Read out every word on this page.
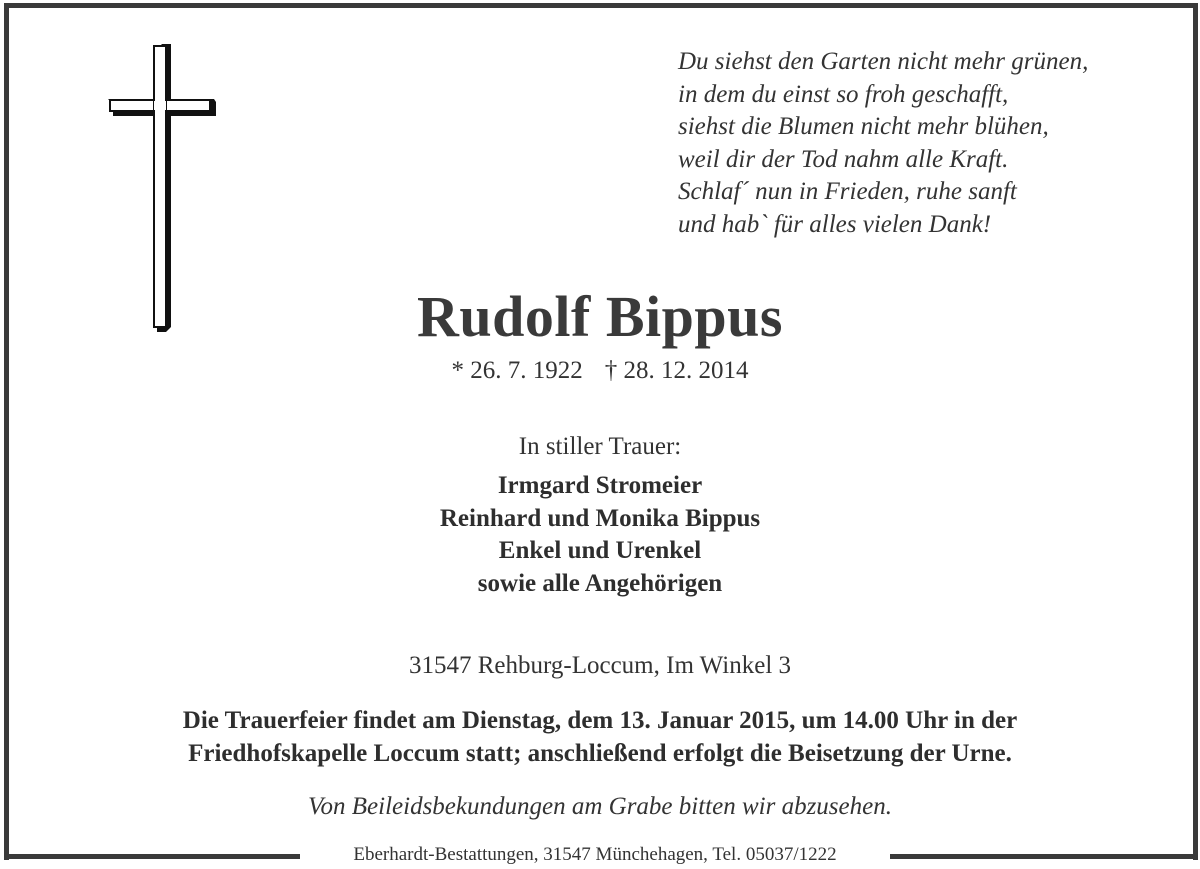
Du siehst den Garten nicht mehr grünen,
in dem du einst so froh geschafft,
siehst die Blumen nicht mehr blühen,
weil dir der Tod nahm alle Kraft.
Schlaf´ nun in Frieden, ruhe sanft
und hab` für alles vielen Dank!
Rudolf Bippus
* 26. 7. 1922 † 28. 12. 2014
In stiller Trauer:
Irmgard Stromeier
Reinhard und Monika Bippus
Enkel und Urenkel
sowie alle Angehörigen
31547 Rehburg-Loccum, Im Winkel 3
Die Trauerfeier findet am Dienstag, dem 13. Januar 2015, um 14.00 Uhr in der
Friedhofskapelle Loccum statt; anschließend erfolgt die Beisetzung der Urne.
Von Beileidsbekundungen am Grabe bitten wir abzusehen.
Eberhardt-Bestattungen, 31547 Münchehagen, Tel. 05037/1222
